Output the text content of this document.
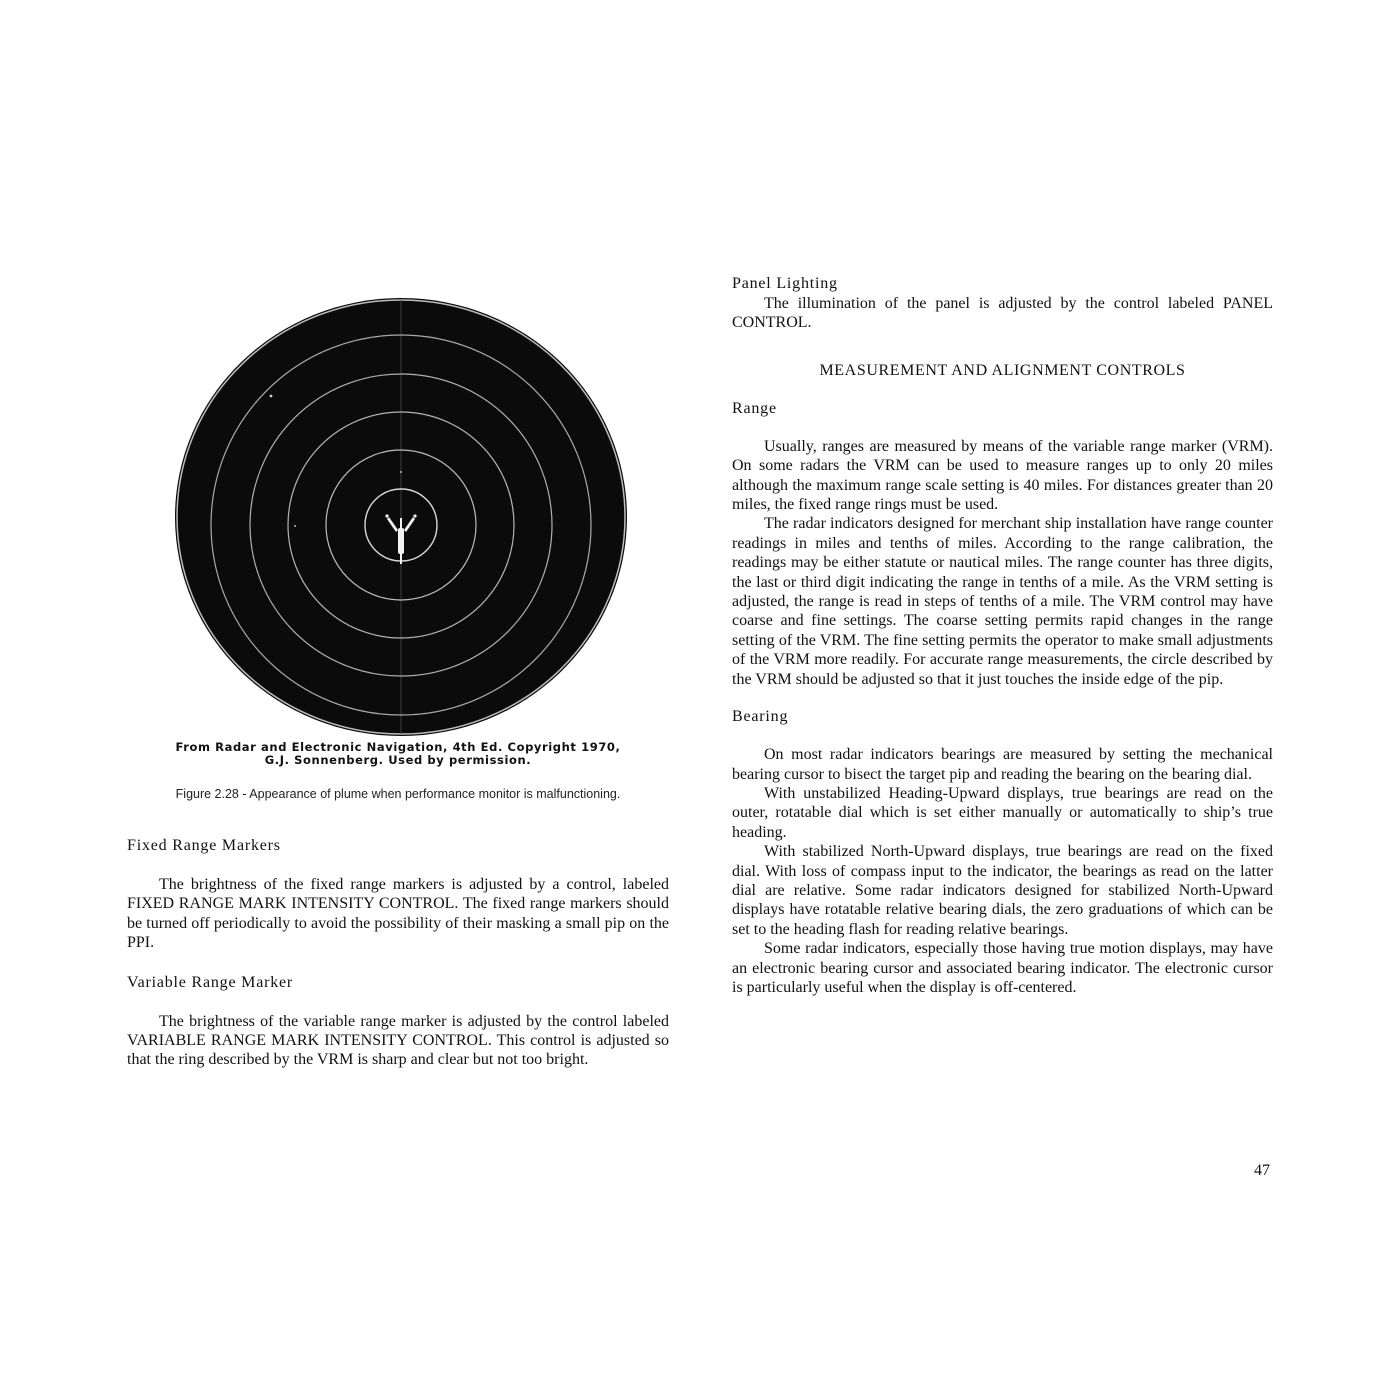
From Radar and Electronic Navigation, 4th Ed. Copyright 1970,
G.J. Sonnenberg. Used by permission.
Figure 2.28 - Appearance of plume when performance monitor is malfunctioning.

Fixed Range Markers

The brightness of the fixed range markers is adjusted by a control, labeled FIXED RANGE MARK INTENSITY CONTROL. The fixed range markers should be turned off periodically to avoid the possibility of their masking a small pip on the PPI.

Variable Range Marker

The brightness of the variable range marker is adjusted by the control labeled VARIABLE RANGE MARK INTENSITY CONTROL. This control is adjusted so that the ring described by the VRM is sharp and clear but not too bright.

Panel Lighting

The illumination of the panel is adjusted by the control labeled PANEL CONTROL.

MEASUREMENT AND ALIGNMENT CONTROLS

Range

Usually, ranges are measured by means of the variable range marker (VRM). On some radars the VRM can be used to measure ranges up to only 20 miles although the maximum range scale setting is 40 miles. For distances greater than 20 miles, the fixed range rings must be used.

The radar indicators designed for merchant ship installation have range counter readings in miles and tenths of miles. According to the range calibration, the readings may be either statute or nautical miles. The range counter has three digits, the last or third digit indicating the range in tenths of a mile. As the VRM setting is adjusted, the range is read in steps of tenths of a mile. The VRM control may have coarse and fine settings. The coarse setting permits rapid changes in the range setting of the VRM. The fine setting permits the operator to make small adjustments of the VRM more readily. For accurate range measurements, the circle described by the VRM should be adjusted so that it just touches the inside edge of the pip.

Bearing

On most radar indicators bearings are measured by setting the mechanical bearing cursor to bisect the target pip and reading the bearing on the bearing dial.

With unstabilized Heading-Upward displays, true bearings are read on the outer, rotatable dial which is set either manually or automatically to ship’s true heading.

With stabilized North-Upward displays, true bearings are read on the fixed dial. With loss of compass input to the indicator, the bearings as read on the latter dial are relative. Some radar indicators designed for stabilized North-Upward displays have rotatable relative bearing dials, the zero graduations of which can be set to the heading flash for reading relative bearings.

Some radar indicators, especially those having true motion displays, may have an electronic bearing cursor and associated bearing indicator. The electronic cursor is particularly useful when the display is off-centered.

47
